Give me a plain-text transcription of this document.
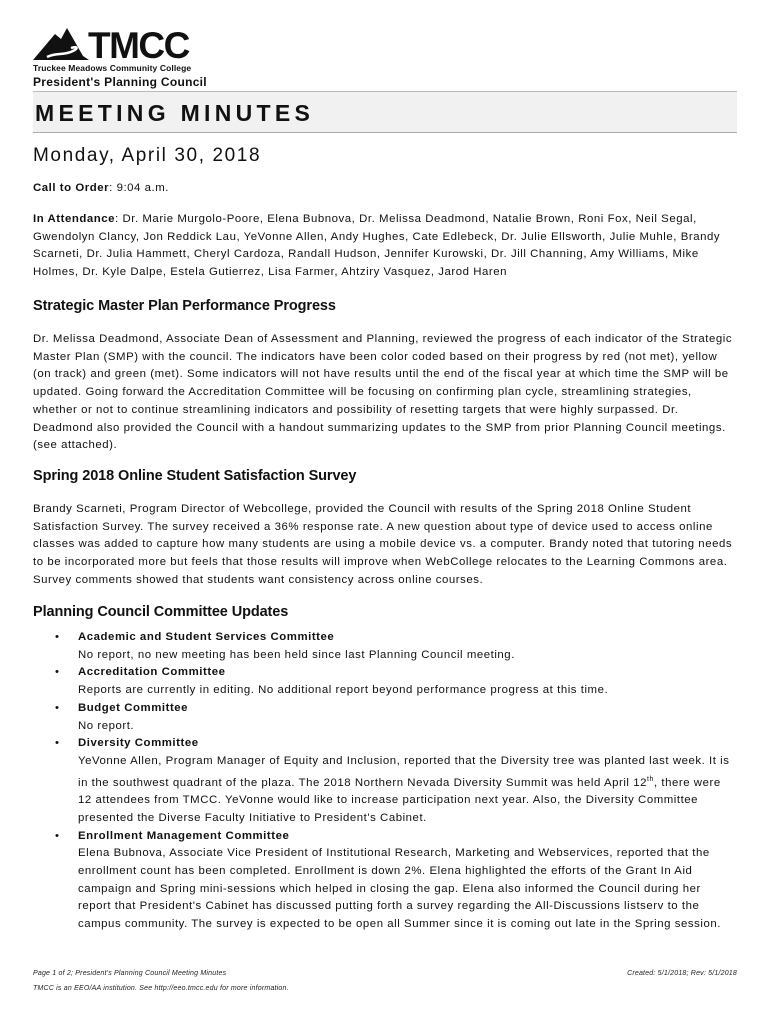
TMCC
Truckee Meadows Community College
President's Planning Council
MEETING MINUTES
Monday, April 30, 2018

Call to Order: 9:04 a.m.

In Attendance: Dr. Marie Murgolo-Poore, Elena Bubnova, Dr. Melissa Deadmond, Natalie Brown, Roni Fox, Neil Segal, Gwendolyn Clancy, Jon Reddick Lau, YeVonne Allen, Andy Hughes, Cate Edlebeck, Dr. Julie Ellsworth, Julie Muhle, Brandy Scarneti, Dr. Julia Hammett, Cheryl Cardoza, Randall Hudson, Jennifer Kurowski, Dr. Jill Channing, Amy Williams, Mike Holmes, Dr. Kyle Dalpe, Estela Gutierrez, Lisa Farmer, Ahtziry Vasquez, Jarod Haren

Strategic Master Plan Performance Progress

Dr. Melissa Deadmond, Associate Dean of Assessment and Planning, reviewed the progress of each indicator of the Strategic Master Plan (SMP) with the council. The indicators have been color coded based on their progress by red (not met), yellow (on track) and green (met). Some indicators will not have results until the end of the fiscal year at which time the SMP will be updated. Going forward the Accreditation Committee will be focusing on confirming plan cycle, streamlining strategies, whether or not to continue streamlining indicators and possibility of resetting targets that were highly surpassed. Dr. Deadmond also provided the Council with a handout summarizing updates to the SMP from prior Planning Council meetings. (see attached).

Spring 2018 Online Student Satisfaction Survey

Brandy Scarneti, Program Director of Webcollege, provided the Council with results of the Spring 2018 Online Student Satisfaction Survey. The survey received a 36% response rate. A new question about type of device used to access online classes was added to capture how many students are using a mobile device vs. a computer. Brandy noted that tutoring needs to be incorporated more but feels that those results will improve when WebCollege relocates to the Learning Commons area. Survey comments showed that students want consistency across online courses.

Planning Council Committee Updates
• Academic and Student Services Committee
No report, no new meeting has been held since last Planning Council meeting.
• Accreditation Committee
Reports are currently in editing. No additional report beyond performance progress at this time.
• Budget Committee
No report.
• Diversity Committee
YeVonne Allen, Program Manager of Equity and Inclusion, reported that the Diversity tree was planted last week. It is in the southwest quadrant of the plaza. The 2018 Northern Nevada Diversity Summit was held April 12th, there were 12 attendees from TMCC. YeVonne would like to increase participation next year. Also, the Diversity Committee presented the Diverse Faculty Initiative to President's Cabinet.
• Enrollment Management Committee
Elena Bubnova, Associate Vice President of Institutional Research, Marketing and Webservices, reported that the enrollment count has been completed. Enrollment is down 2%. Elena highlighted the efforts of the Grant In Aid campaign and Spring mini-sessions which helped in closing the gap. Elena also informed the Council during her report that President's Cabinet has discussed putting forth a survey regarding the All-Discussions listserv to the campus community. The survey is expected to be open all Summer since it is coming out late in the Spring session.
Page 1 of 2; President's Planning Council Meeting Minutes	Created: 5/1/2018; Rev: 5/1/2018
TMCC is an EEO/AA institution. See http://eeo.tmcc.edu for more information.
